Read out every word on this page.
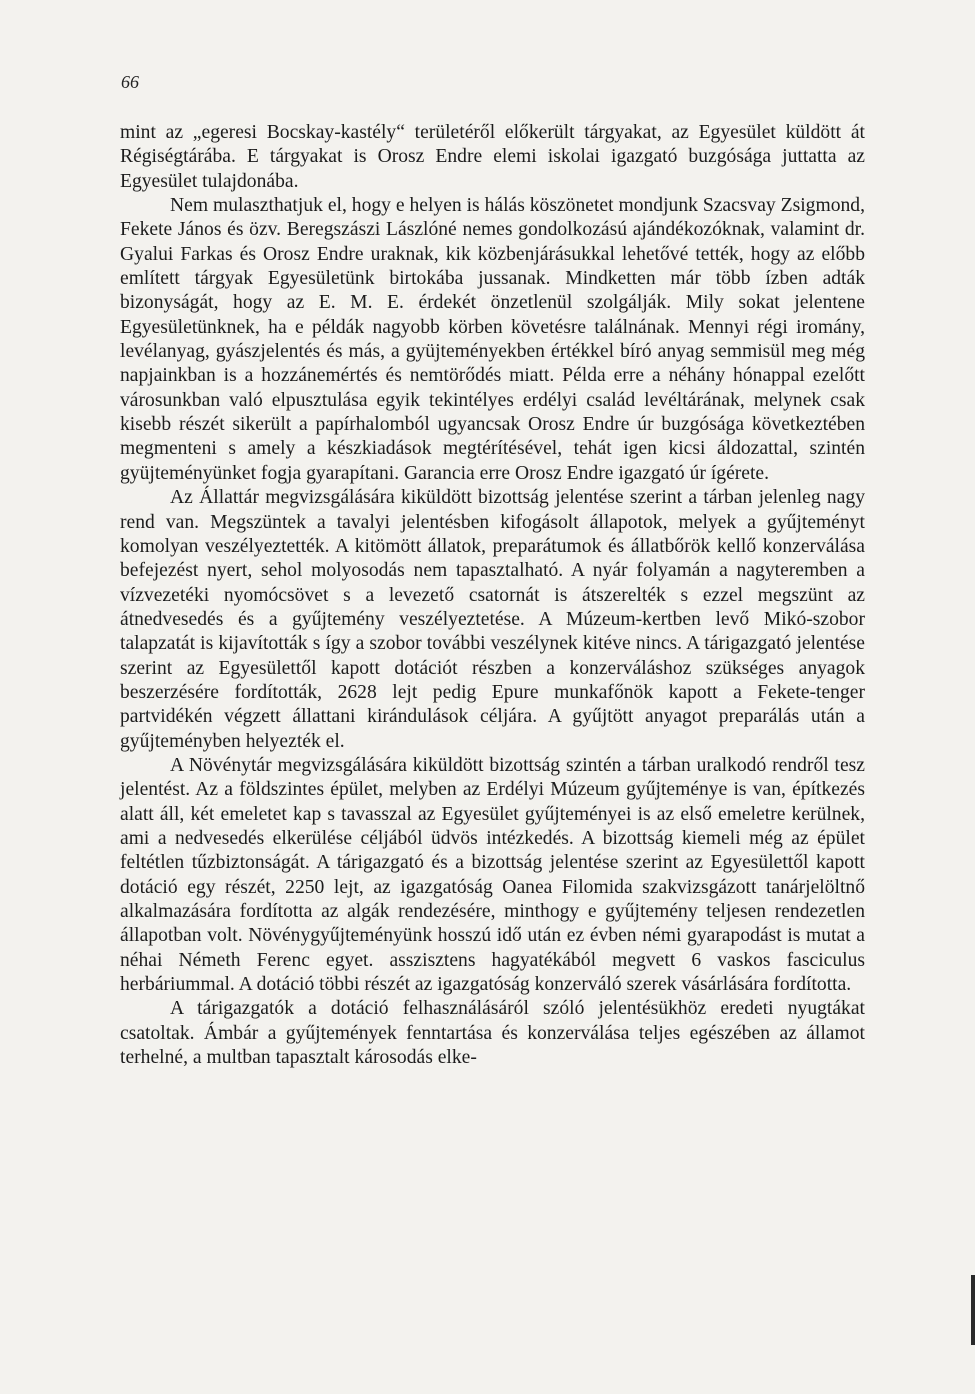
66

mint az „egeresi Bocskay-kastély“ területéről előkerült tárgyakat, az Egyesület küldött át Régiségtárába. E tárgyakat is Orosz Endre elemi iskolai igazgató buzgósága juttatta az Egyesület tulajdonába.

Nem mulaszthatjuk el, hogy e helyen is hálás köszönetet mondjunk Szacsvay Zsigmond, Fekete János és özv. Beregszászi Lászlóné nemes gondolkozású ajándékozóknak, valamint dr. Gyalui Farkas és Orosz Endre uraknak, kik közbenjárásukkal lehetővé tették, hogy az előbb említett tárgyak Egyesületünk birtokába jussanak. Mindketten már több ízben adták bizonyságát, hogy az E. M. E. érdekét önzetlenül szolgálják. Mily sokat jelentene Egyesületünknek, ha e példák nagyobb körben követésre találnának. Mennyi régi iromány, levélanyag, gyászjelentés és más, a gyüjteményekben értékkel bíró anyag semmisül meg még napjainkban is a hozzánemértés és nemtörődés miatt. Példa erre a néhány hónappal ezelőtt városunkban való elpusztulása egyik tekintélyes erdélyi család levéltárának, melynek csak kisebb részét sikerült a papírhalomból ugyancsak Orosz Endre úr buzgósága következtében megmenteni s amely a készkiadások megtérítésével, tehát igen kicsi áldozattal, szintén gyüjteményünket fogja gyarapítani. Garancia erre Orosz Endre igazgató úr ígérete.

Az Állattár megvizsgálására kiküldött bizottság jelentése szerint a tárban jelenleg nagy rend van. Megszüntek a tavalyi jelentésben kifogásolt állapotok, melyek a gyűjteményt komolyan veszélyeztették. A kitömött állatok, preparátumok és állatbőrök kellő konzerválása befejezést nyert, sehol molyosodás nem tapasztalható. A nyár folyamán a nagyteremben a vízvezetéki nyomócsövet s a levezető csatornát is átszerelték s ezzel megszünt az átnedvesedés és a gyűjtemény veszélyeztetése. A Múzeum-kertben levő Mikó-szobor talapzatát is kijavították s így a szobor további veszélynek kitéve nincs. A tárigazgató jelentése szerint az Egyesülettől kapott dotációt részben a konzerváláshoz szükséges anyagok beszerzésére fordították, 2628 lejt pedig Epure munkafőnök kapott a Fekete-tenger partvidékén végzett állattani kirándulások céljára. A gyűjtött anyagot preparálás után a gyűjteményben helyezték el.

A Növénytár megvizsgálására kiküldött bizottság szintén a tárban uralkodó rendről tesz jelentést. Az a földszintes épület, melyben az Erdélyi Múzeum gyűjteménye is van, építkezés alatt áll, két emeletet kap s tavasszal az Egyesület gyűjteményei is az első emeletre kerülnek, ami a nedvesedés elkerülése céljából üdvös intézkedés. A bizottság kiemeli még az épület feltétlen tűzbiztonságát. A tárigazgató és a bizottság jelentése szerint az Egyesülettől kapott dotáció egy részét, 2250 lejt, az igazgatóság Oanea Filomida szakvizsgázott tanárjelöltnő alkalmazására fordította az algák rendezésére, minthogy e gyűjtemény teljesen rendezetlen állapotban volt. Növénygyűjteményünk hosszú idő után ez évben némi gyarapodást is mutat a néhai Németh Ferenc egyet. asszisztens hagyatékából megvett 6 vaskos fasciculus herbáriummal. A dotáció többi részét az igazgatóság konzerváló szerek vásárlására fordította.

A tárigazgatók a dotáció felhasználásáról szóló jelentésükhöz eredeti nyugtákat csatoltak. Ámbár a gyűjtemények fenntartása és konzerválása teljes egészében az államot terhelné, a multban tapasztalt károsodás elke-
